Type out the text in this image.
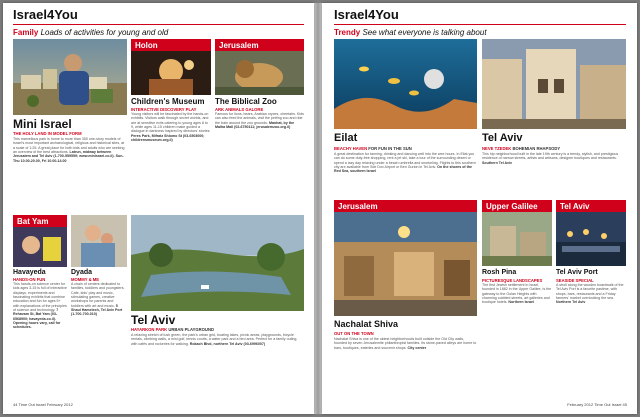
Israel4You
Family Loads of activities for young and old
Mini Israel
THE HOLY LAND IN MODEL FORM
This marvellous park is home to more than 350 one-story models of Israel's most important archaeological, religious and historical sites, at a scale of 1:25. A great place for both kids and adults who are seeking an overview of the best attractions. Latrun, midway between Jerusalem and Tel Aviv (1-700-559559; www.minisrael.co.il). Sun-Thu 10.00-20.00, Fri 10.00-14.00
Holon
Children's Museum
INTERACTIVE DISCOVERY PLAY
Young visitors will be fascinated by the hands-on exhibits. Visitors walk through secret worlds, and are at sensitive exits catering to young ages 8 to 9, while ages 11-15 children make guided a dialogue in darkness inspired by directors' stories. Peres Park, Mifratz Shlomo St (03-6503000; childrensmuseum.org.il)
Jerusalem
The Biblical Zoo
ARK ANIMALS GALORE
Famous for lions, bears, Arabian oryxes, cheetahs. Kids can also feed the animals, visit the petting zoo and ride the train around the zoo grounds. Manhat, by the Malha Mall (02-6750111; jerusalemzoo.org.il)
Bat Yam
Havayeda
HANDS-ON FUN
This hands-on science center for kids ages 3-15 is full of interactive displays, experiments and fascinating exhibits that combine education and fun for ages 5+ with explanations of the principles of science and technology. 7 Rehavam St, Bat Yam (03-6568900; havayeda.co.il). Opening hours vary, call for schedules.
Dyada
MOMMY & ME
A chain of centers dedicated to families, toddlers and youngsters. Cafe, kids' play and music, stimulating games, creative workshops for parents and toddlers with art and music. 5 Shaul Hamelech, Tel Aviv Port (1-700-700-010)	Tel Aviv
HAYARKON PARK URBAN PLAYGROUND
A relaxing stretch of lush green, the park's urban grid, boating lakes, picnic areas, playgrounds, bicycle rentals, climbing walls, a mini golf, tennis courts, a water park and a bird area. Perfect for a family outing, with cafés and rockeries for walking. Rokach Blvd, northern Tel Aviv (03-6996007)
44 Time Out Israel February 2012
Israel4You
Trendy See what everyone is talking about
Eilat
BEACHY HAVEN FOR FUN IN THE SUN
A great destination for tanning, drinking and dancing well into the wee hours. In Eilat you can do some duty-free shopping, rent a jet ski, take a tour of the surrounding desert or spend a lazy day relaxing under a beach umbrella and snorkeling. Flights to this southern city are available from Sde Dov Airport or Ben Gurion in Tel Aviv. On the shores of the Red Sea, southern Israel
Tel Aviv
NEVE TZEDEK BOHEMIAN RHAPSODY
This hip neighborhood built in the late 19th century is a trendy, stylish, and prestigious residence of narrow streets, artists and artisans, designer boutiques and restaurants. Southern Tel Aviv
Jerusalem
Nachalat Shiva
OUT ON THE TOWN
Nachalat Shiva is one of the oldest neighborhoods built outside the Old City walls, founded by seven Jerusalemite philanthropist families. Its stone-paved alleys are home to bars, boutiques, eateries and souvenir shops. City center
Upper Galilee
Rosh Pina
PICTURESQUE LANDSCAPES
The first Jewish settlement in Israel, founded in 1882 in the Upper Galilee, is the gateway to the Golan Heights with charming cobbled streets, art galleries and boutique hotels. Northern Israel
Tel Aviv
Tel Aviv Port
SEASIDE SPECIAL
A stroll along the wooden boardwalk of the Tel Aviv Port is a favorite pastime, with shops, bars, restaurants and a Friday farmers' market overlooking the sea. Northern Tel Aviv
February 2012 Time Out Israel 45
